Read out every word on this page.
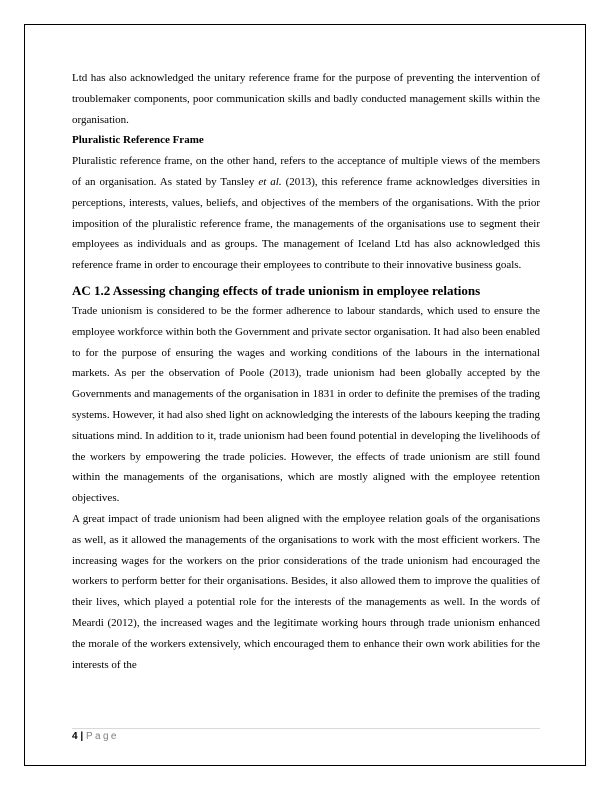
Ltd has also acknowledged the unitary reference frame for the purpose of preventing the intervention of troublemaker components, poor communication skills and badly conducted management skills within the organisation.

Pluralistic Reference Frame

Pluralistic reference frame, on the other hand, refers to the acceptance of multiple views of the members of an organisation. As stated by Tansley et al. (2013), this reference frame acknowledges diversities in perceptions, interests, values, beliefs, and objectives of the members of the organisations. With the prior imposition of the pluralistic reference frame, the managements of the organisations use to segment their employees as individuals and as groups. The management of Iceland Ltd has also acknowledged this reference frame in order to encourage their employees to contribute to their innovative business goals.

AC 1.2 Assessing changing effects of trade unionism in employee relations

Trade unionism is considered to be the former adherence to labour standards, which used to ensure the employee workforce within both the Government and private sector organisation. It had also been enabled to for the purpose of ensuring the wages and working conditions of the labours in the international markets. As per the observation of Poole (2013), trade unionism had been globally accepted by the Governments and managements of the organisation in 1831 in order to definite the premises of the trading systems. However, it had also shed light on acknowledging the interests of the labours keeping the trading situations mind. In addition to it, trade unionism had been found potential in developing the livelihoods of the workers by empowering the trade policies. However, the effects of trade unionism are still found within the managements of the organisations, which are mostly aligned with the employee retention objectives.

A great impact of trade unionism had been aligned with the employee relation goals of the organisations as well, as it allowed the managements of the organisations to work with the most efficient workers. The increasing wages for the workers on the prior considerations of the trade unionism had encouraged the workers to perform better for their organisations. Besides, it also allowed them to improve the qualities of their lives, which played a potential role for the interests of the managements as well. In the words of Meardi (2012), the increased wages and the legitimate working hours through trade unionism enhanced the morale of the workers extensively, which encouraged them to enhance their own work abilities for the interests of the

4 | Page
